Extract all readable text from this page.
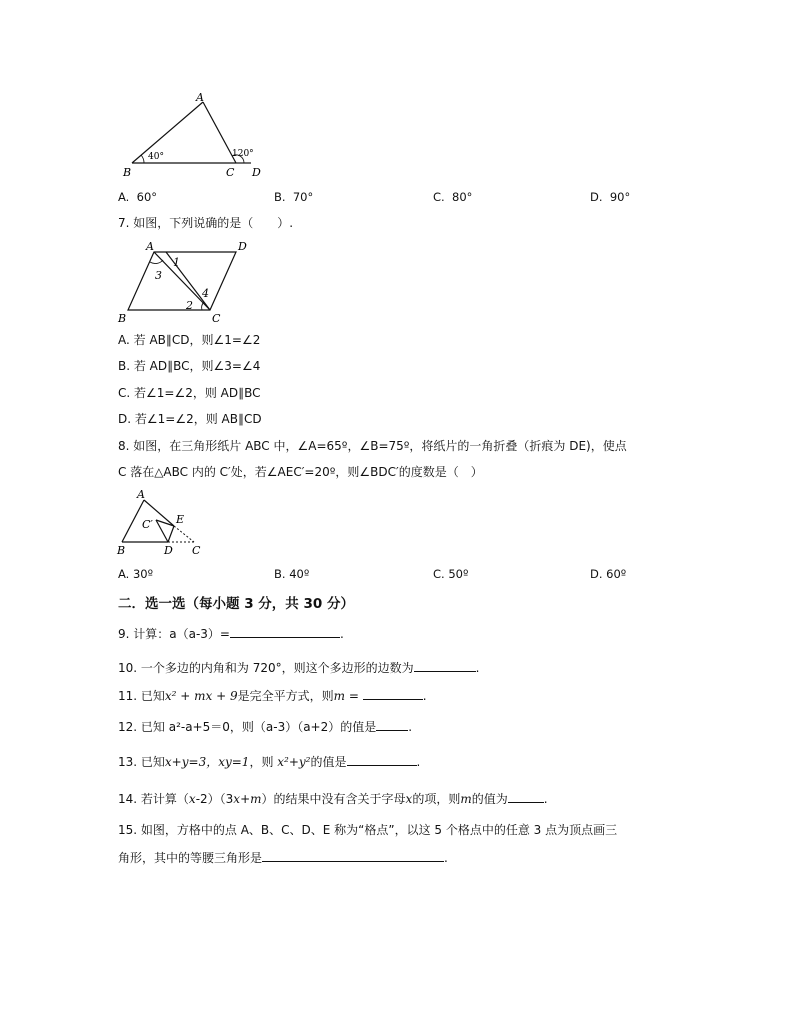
A
B	C D
40°	120°
A. 60°	B. 70°	C. 80°	D. 90°
7. 如图，下列说确的是（　　）.
A	D
B	C
1
2
3
4
A. 若 AB∥CD，则∠1=∠2
B. 若 AD∥BC，则∠3=∠4
C. 若∠1=∠2，则 AD∥BC
D. 若∠1=∠2，则 AB∥CD
8. 如图，在三角形纸片 ABC 中，∠A=65º，∠B=75º，将纸片的一角折叠（折痕为 DE)，使点
C 落在△ABC 内的 C′处，若∠AEC′=20º，则∠BDC′的度数是（　）
A
B	C
C′
D
E
A. 30º	B. 40º	C. 50º	D. 60º
二．选一选（每小题 3 分，共 30 分）
9. 计算：a（a-3）=	.
10. 一个多边的内角和为 720°，则这个多边形的边数为	.
11. 已知x² + mx + 9是完全平方式，则m =	.
12. 已知 a²-a+5＝0，则（a-3）（a+2）的值是	.
13. 已知x+y=3，xy=1，则 x²+y²的值是	.
14. 若计算（x-2）（3x+m）的结果中没有含关于字母x的项，则m的值为	.
15. 如图，方格中的点 A、B、C、D、E 称为“格点”，以这 5 个格点中的任意 3 点为顶点画三
角形，其中的等腰三角形是	.
